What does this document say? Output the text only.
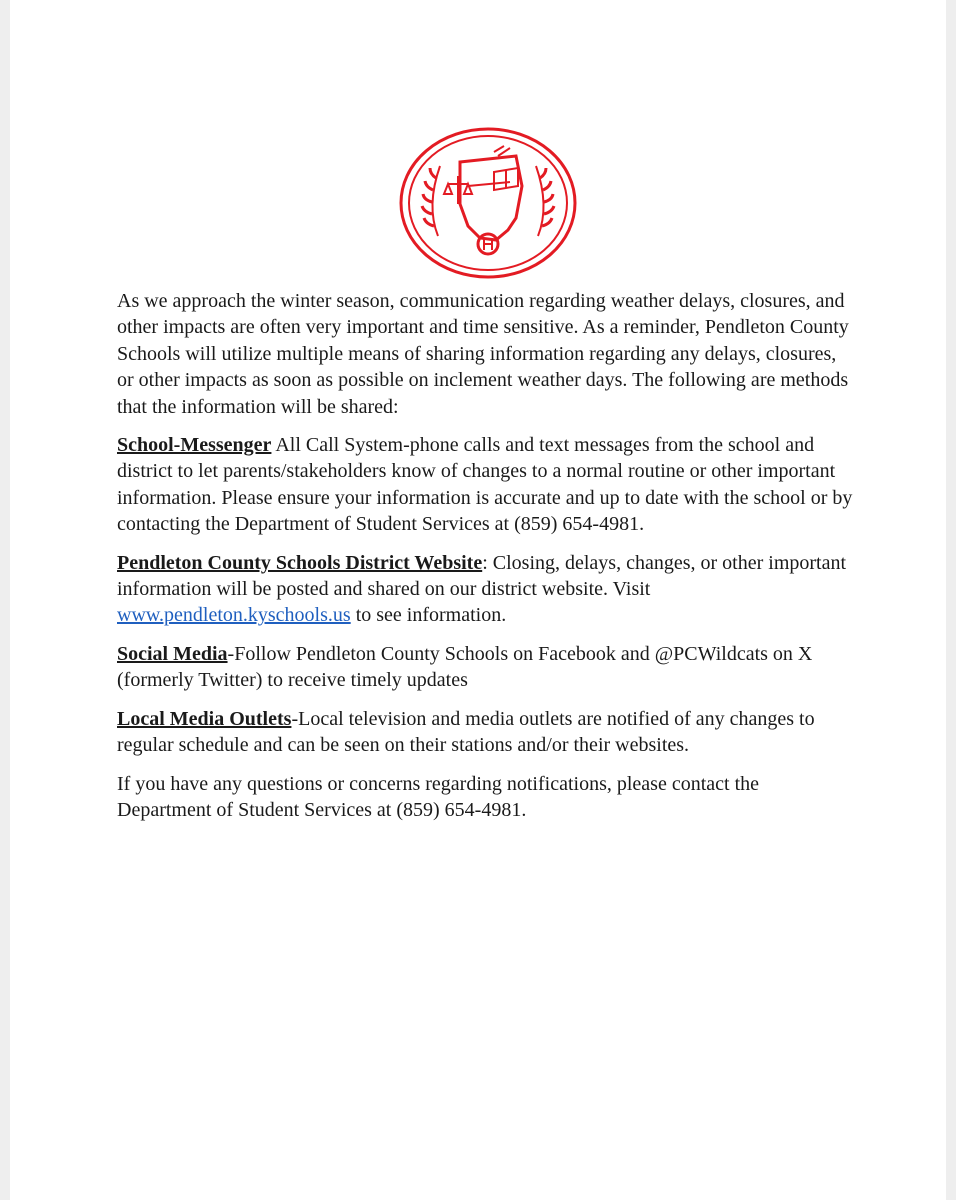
As we approach the winter season, communication regarding weather delays, closures, and other impacts are often very important and time sensitive. As a reminder, Pendleton County Schools will utilize multiple means of sharing information regarding any delays, closures, or other impacts as soon as possible on inclement weather days. The following are methods that the information will be shared:

School-Messenger All Call System-phone calls and text messages from the school and district to let parents/stakeholders know of changes to a normal routine or other important information. Please ensure your information is accurate and up to date with the school or by contacting the Department of Student Services at (859) 654-4981.

Pendleton County Schools District Website: Closing, delays, changes, or other important information will be posted and shared on our district website. Visit www.pendleton.kyschools.us to see information.

Social Media-Follow Pendleton County Schools on Facebook and @PCWildcats on X (formerly Twitter) to receive timely updates

Local Media Outlets-Local television and media outlets are notified of any changes to regular schedule and can be seen on their stations and/or their websites.

If you have any questions or concerns regarding notifications, please contact the Department of Student Services at (859) 654-4981.
